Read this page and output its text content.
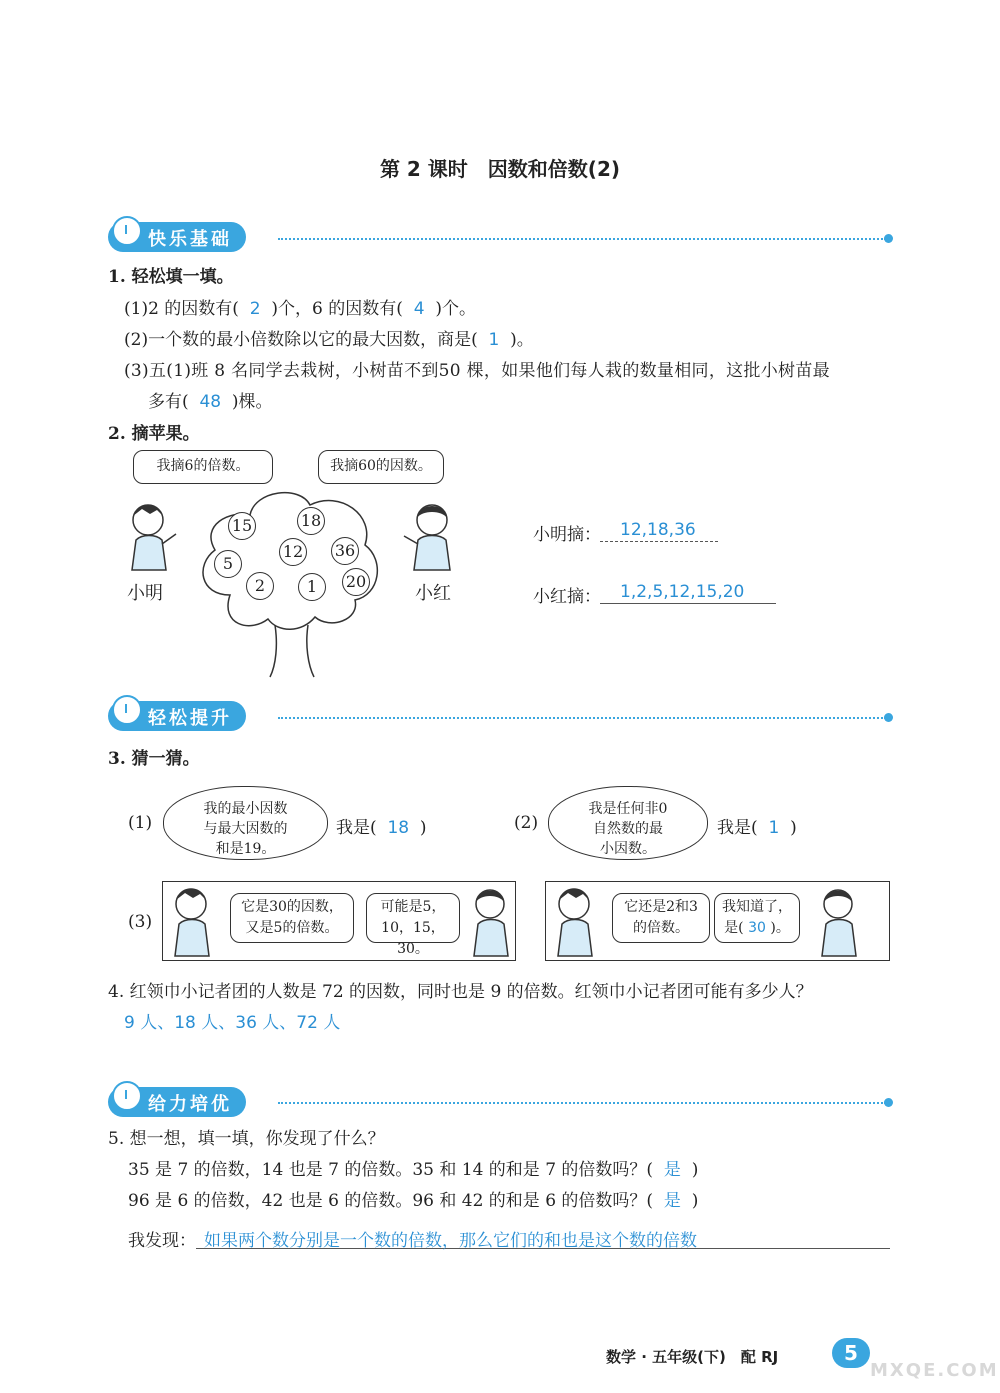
第 2 课时　因数和倍数(2)
快乐基础
1. 轻松填一填。
(1)2 的因数有( 2 )个，6 的因数有( 4 )个。
(2)一个数的最小倍数除以它的最大因数，商是( 1 )。
(3)五(1)班 8 名同学去栽树，小树苗不到50 棵，如果他们每人栽的数量相同，这批小树苗最
多有( 48 )棵。
2. 摘苹果。
我摘6的倍数。	我摘60的因数。
15	18
12 36
5
2	1	20
小明	小红
小明摘： 12,18,36
小红摘： 1,2,5,12,15,20
轻松提升
3. 猜一猜。
(1)
我的最小因数
与最大因数的
和是19。
我是( 18 )	(2)
我是任何非0
自然数的最
小因数。
我是( 1 )
(3)
它是30的因数，
又是5的倍数。
可能是5，
10，15，30。
它还是2和3
的倍数。
我知道了，
是( 30 )。
4. 红领巾小记者团的人数是 72 的因数，同时也是 9 的倍数。红领巾小记者团可能有多少人？
9 人、18 人、36 人、72 人
给力培优
5. 想一想，填一填，你发现了什么？
35 是 7 的倍数，14 也是 7 的倍数。35 和 14 的和是 7 的倍数吗？( 是 )
96 是 6 的倍数，42 也是 6 的倍数。96 和 42 的和是 6 的倍数吗？( 是 )
我发现： 如果两个数分别是一个数的倍数，那么它们的和也是这个数的倍数
数学 · 五年级(下)　配 RJ	5
MXQE.COM
